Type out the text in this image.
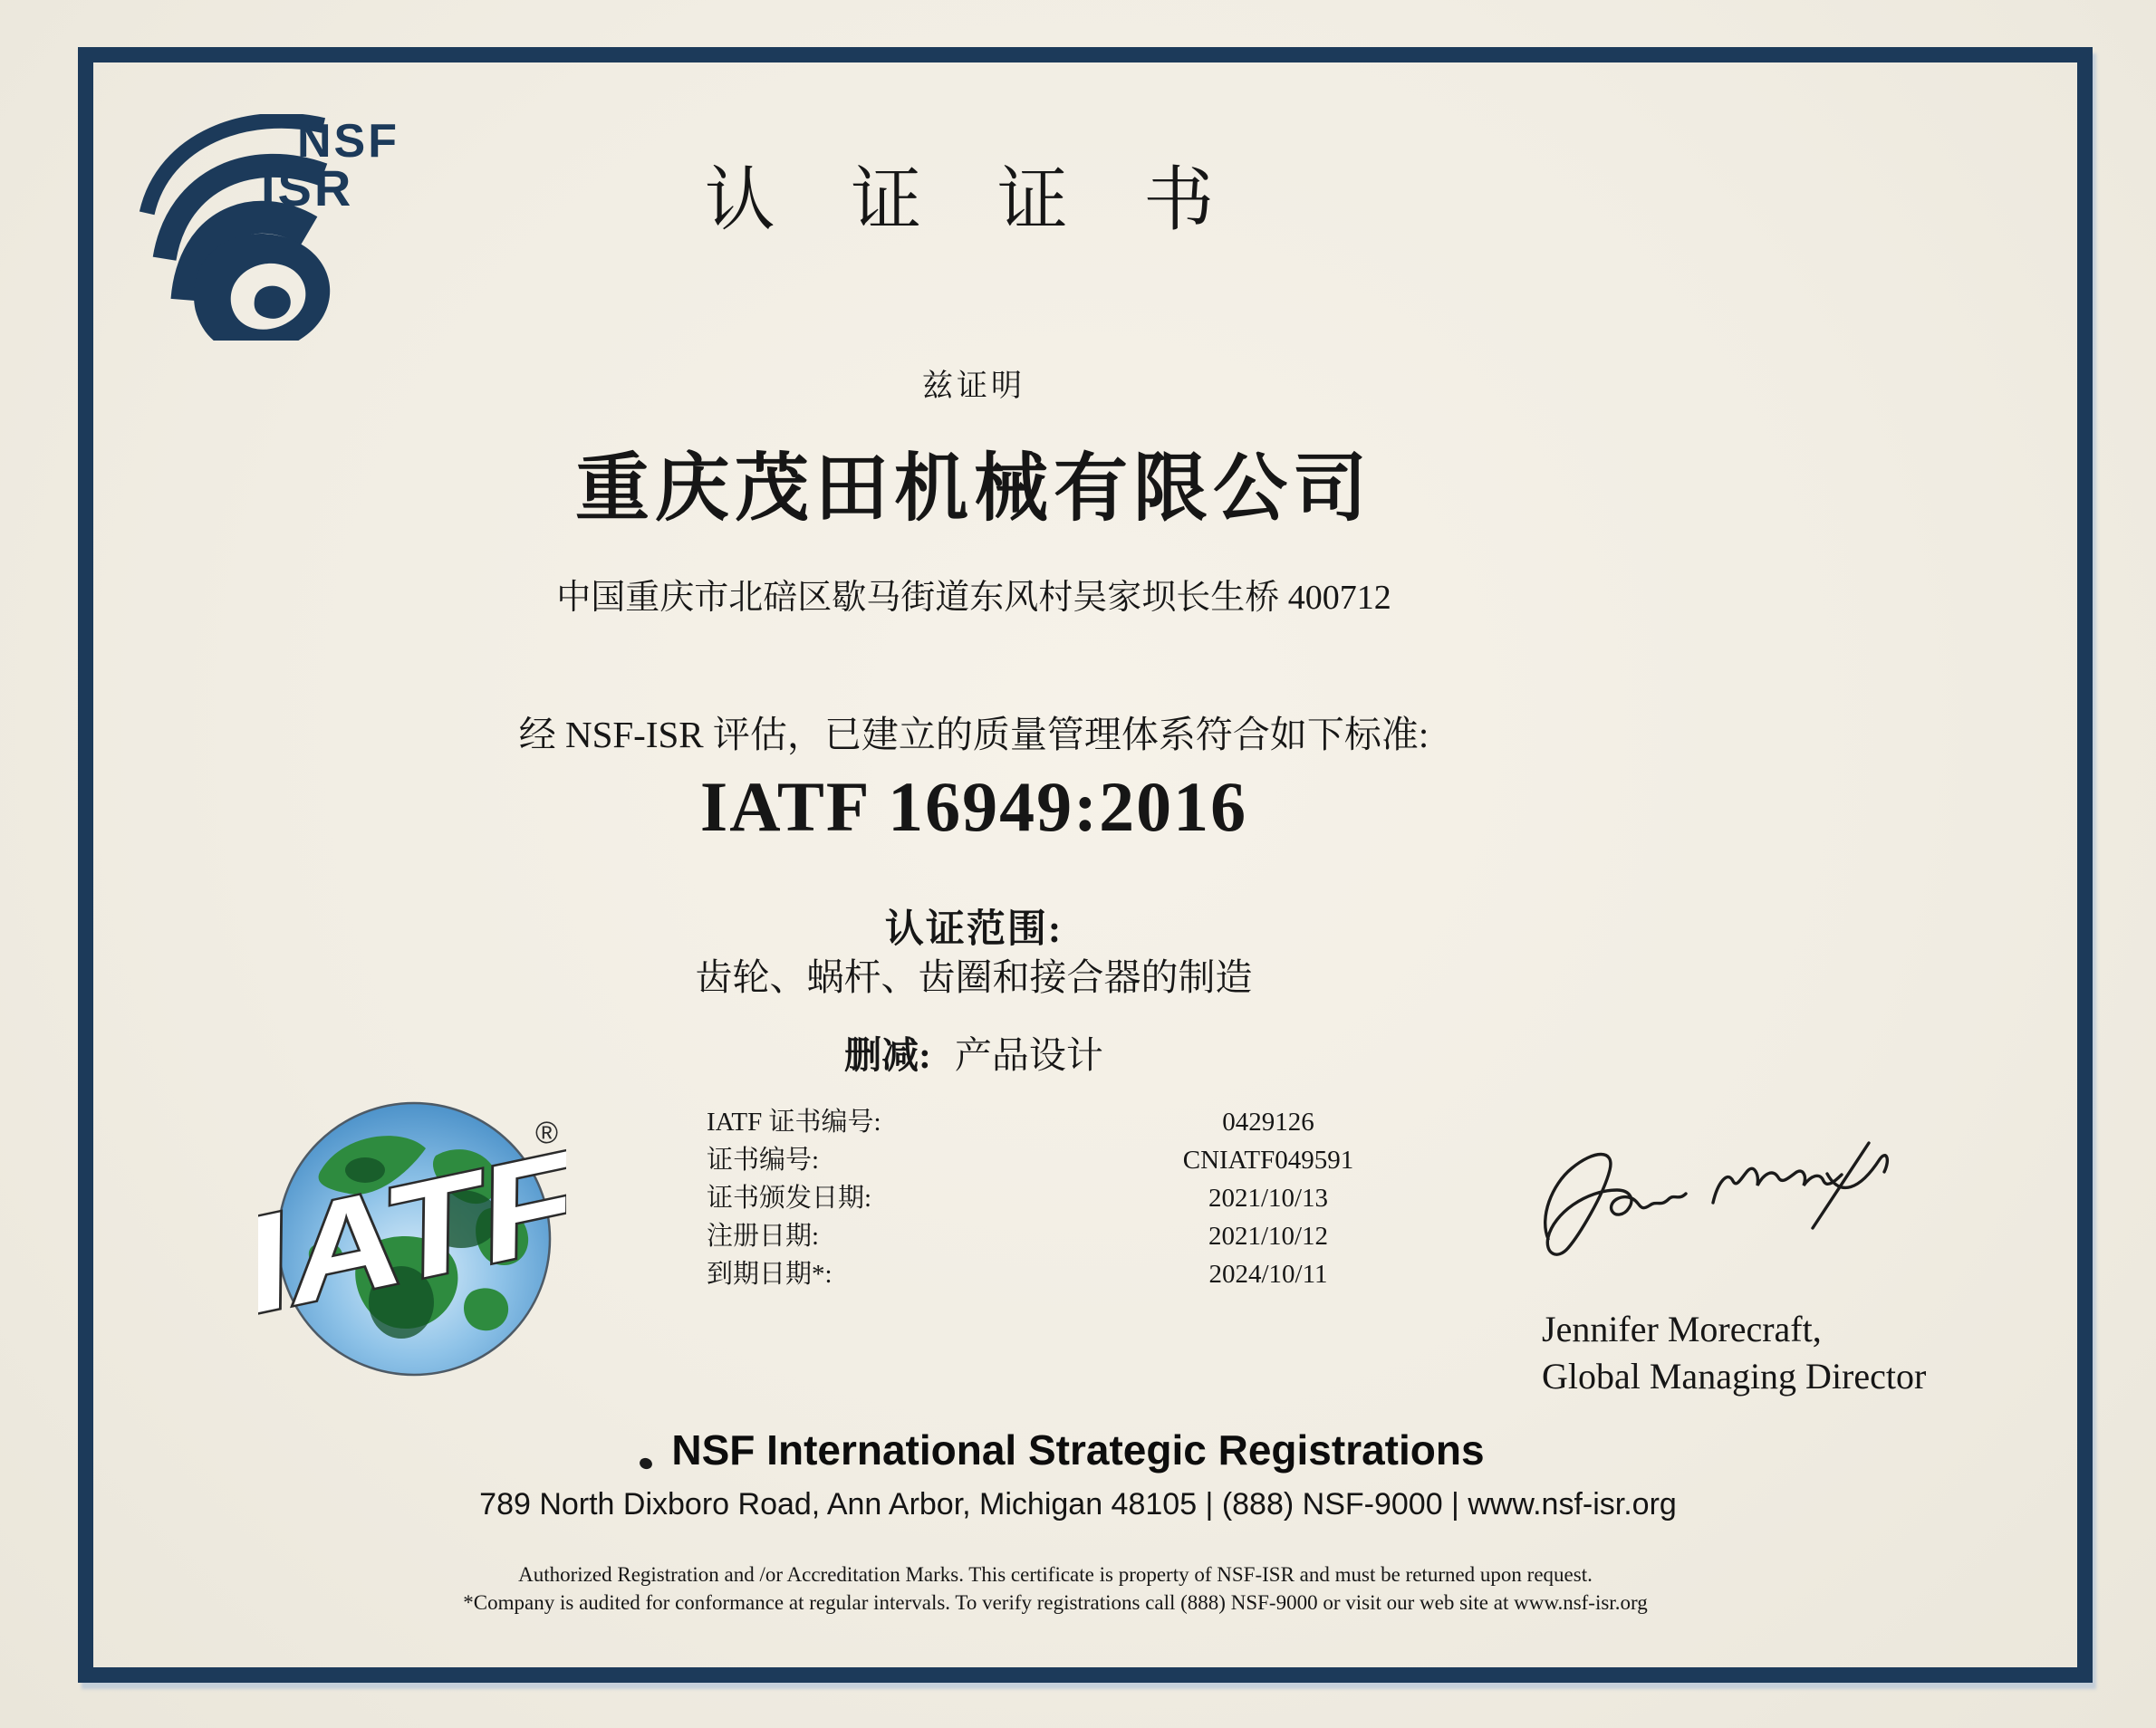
NSF
ISR	认 证 证 书
兹证明
重庆茂田机械有限公司
中国重庆市北碚区歇马街道东风村吴家坝长生桥 400712
经 NSF-ISR 评估，已建立的质量管理体系符合如下标准:
IATF 16949:2016
认证范围:
齿轮、蜗杆、齿圈和接合器的制造
删减: 产品设计
IATF 证书编号:	0429126
证书编号:	CNIATF049591
证书颁发日期:	2021/10/13
注册日期:	2021/10/12
到期日期*:	2024/10/11
IATF
®
Jennifer Morecraft,
Global Managing Director
NSF International Strategic Registrations
789 North Dixboro Road, Ann Arbor, Michigan 48105 | (888) NSF-9000 | www.nsf-isr.org
Authorized Registration and /or Accreditation Marks. This certificate is property of NSF-ISR and must be returned upon request.
*Company is audited for conformance at regular intervals. To verify registrations call (888) NSF-9000 or visit our web site at www.nsf-isr.org
